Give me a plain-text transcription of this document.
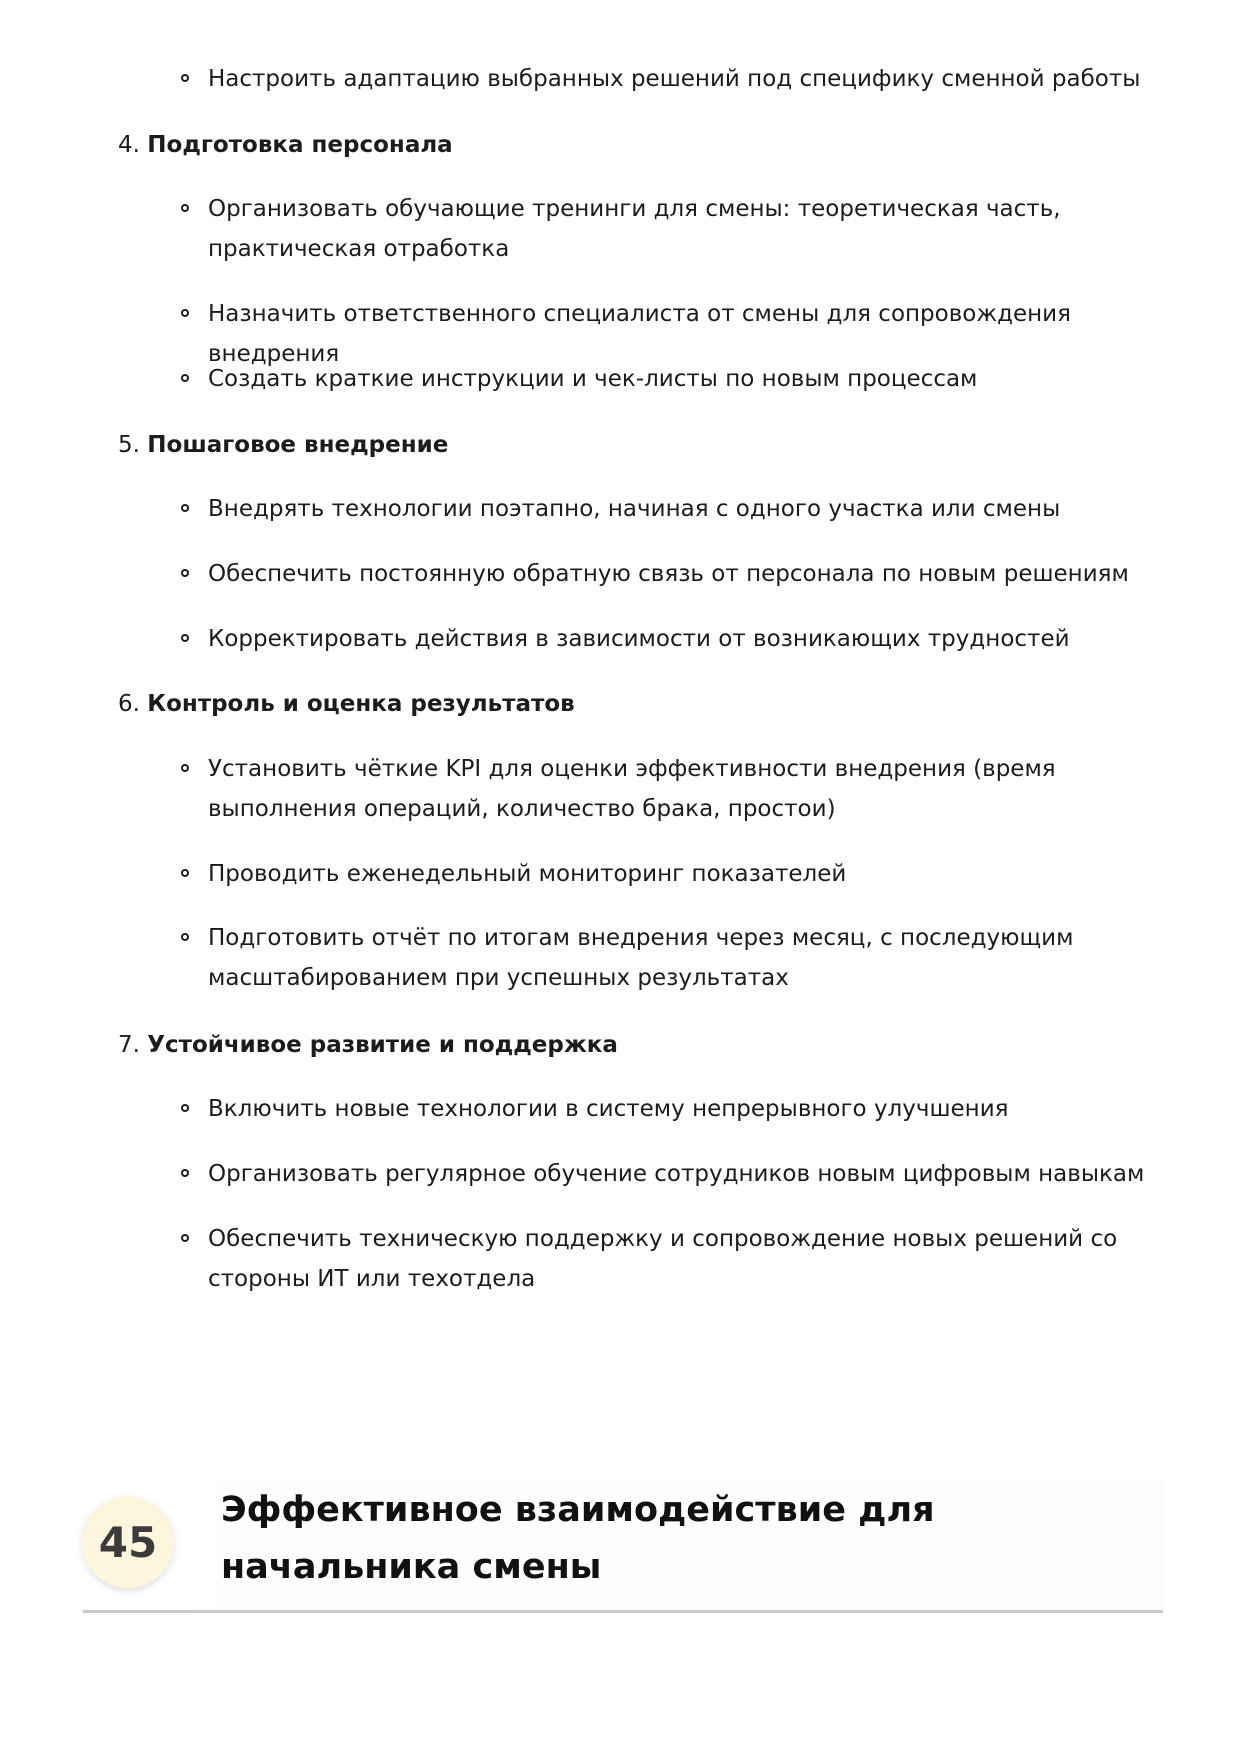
Настроить адаптацию выбранных решений под специфику сменной работы
4. Подготовка персонала
Организовать обучающие тренинги для смены: теоретическая часть, практическая отработка
Назначить ответственного специалиста от смены для сопровождения внедрения
Создать краткие инструкции и чек-листы по новым процессам
5. Пошаговое внедрение
Внедрять технологии поэтапно, начиная с одного участка или смены
Обеспечить постоянную обратную связь от персонала по новым решениям
Корректировать действия в зависимости от возникающих трудностей
6. Контроль и оценка результатов
Установить чёткие KPI для оценки эффективности внедрения (время выполнения операций, количество брака, простои)
Проводить еженедельный мониторинг показателей
Подготовить отчёт по итогам внедрения через месяц, с последующим масштабированием при успешных результатах
7. Устойчивое развитие и поддержка
Включить новые технологии в систему непрерывного улучшения
Организовать регулярное обучение сотрудников новым цифровым навыкам
Обеспечить техническую поддержку и сопровождение новых решений со стороны ИТ или техотдела
45
Эффективное взаимодействие для начальника смены
